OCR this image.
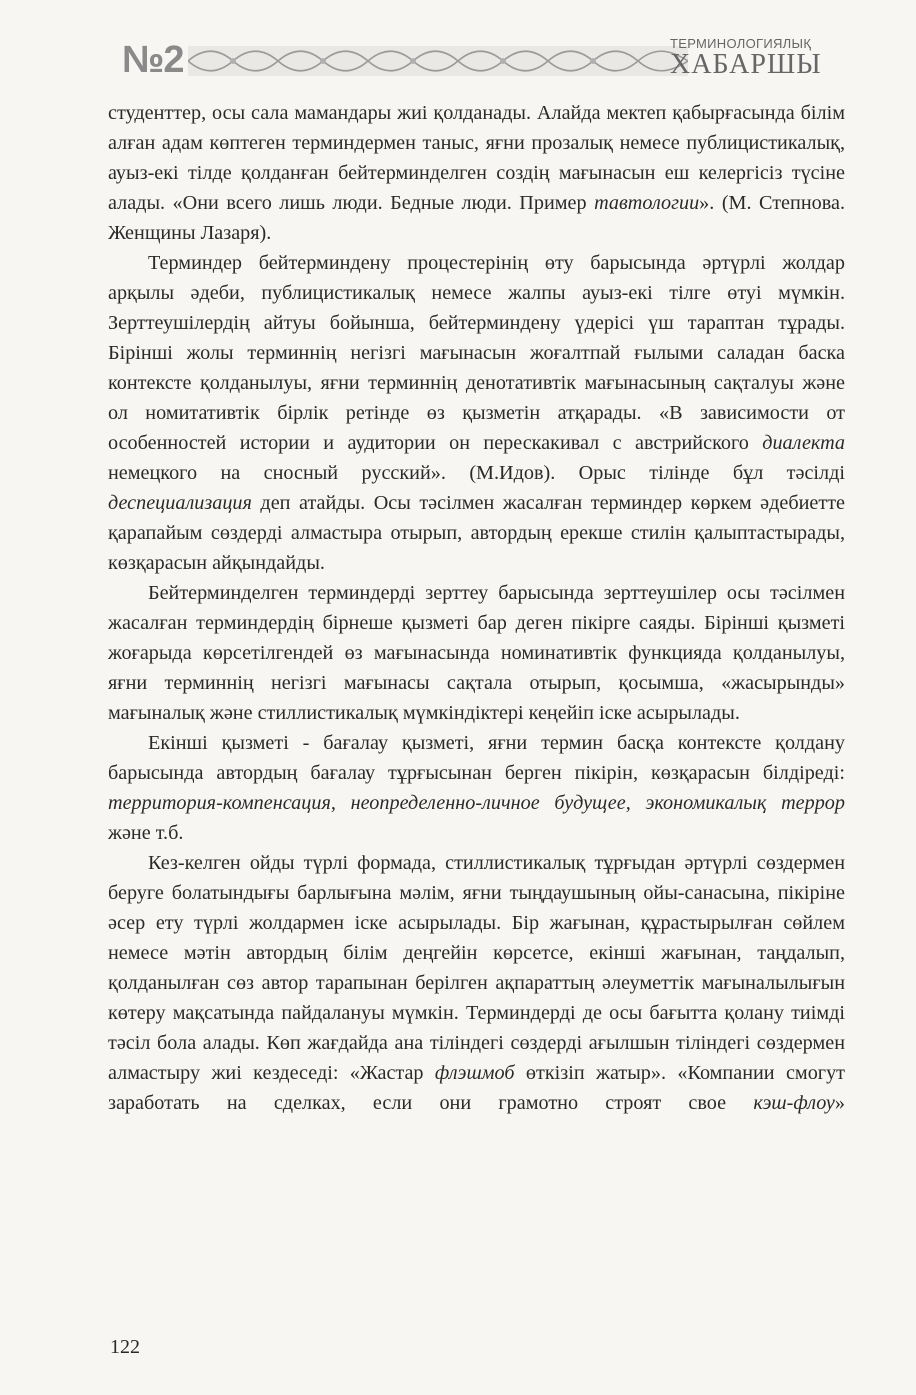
№2	ТЕРМИНОЛОГИЯЛЫҚ
ХАБАРШЫ

студенттер, осы сала мамандары жиі қолданады. Алайда мектеп қабырғасында білім алған адам көптеген терминдермен таныс, яғни прозалық немесе публицистикалық, ауыз-екі тілде қолданған бейтерминделген создің мағынасын еш келергісіз түсіне алады. «Они всего лишь люди. Бедные люди. Пример тавтологии». (М. Степнова. Женщины Лазаря).

Терминдер бейтерминдену процестерінің өту барысында әртүрлі жолдар арқылы әдеби, публицистикалық немесе жалпы ауыз-екі тілге өтуі мүмкін. Зерттеушілердің айтуы бойынша, бейтерминдену үдерісі үш тараптан тұрады. Бірінші жолы терминнің негізгі мағынасын жоғалтпай ғылыми саладан баска контекстe қолданылуы, яғни терминнің денотативтік мағынасының сақталуы және ол номитативтік бірлік ретінде өз қызметін атқарады. «В зависимости от особенностей истории и аудитории он перескакивал с австрийского диалекта немецкого на сносный русский». (М.Идов). Орыс тілінде бұл тәсілді деспециализация деп атайды. Осы тәсілмен жасалған терминдер көркем әдебиетте қарапайым сөздерді алмастыра отырып, автордың ерекше стилін қалыптастырады, көзқарасын айқындайды.

Бейтерминделген терминдерді зерттеу барысында зерттеушілер осы тәсілмен жасалған терминдердің бірнеше қызметі бар деген пікірге саяды. Бірінші қызметі жоғарыда көрсетілгендей өз мағынасында номинативтік функцияда қолданылуы, яғни терминнің негізгі мағынасы сақтала отырып, қосымша, «жасырынды» мағыналық және стиллистикалық мүмкіндіктері кеңейіп іске асырылады.

Екінші қызметі - бағалау қызметі, яғни термин басқа контексте қолдану барысында автордың бағалау тұрғысынан берген пікірін, көзқарасын білдіреді: территория-компенсация, неопределенно-личное будущее, экономикалық террор және т.б.

Кез-келген ойды түрлі формада, стиллистикалық тұрғыдан әртүрлі сөздермен беруге болатындығы барлығына мәлім, яғни тыңдаушының ойы-санасына, пікіріне әсер ету түрлі жолдармен іске асырылады. Бір жағынан, құрастырылған сөйлем немесе мәтін автордың білім деңгейін көрсетсе, екінші жағынан, таңдалып, қолданылған сөз автор тарапынан берілген ақпараттың әлеуметтік мағыналылығын көтеру мақсатында пайдалануы мүмкін. Терминдерді де осы бағытта қолану тиімді тәсіл бола алады. Көп жағдайда ана тіліндегі сөздерді ағылшын тіліндегі сөздермен алмастыру жиі кездеседі: «Жастар флэшмоб өткізіп жатыр». «Компании смогут заработать на сделках, если они грамотно строят свое кэш-флоу»

122
